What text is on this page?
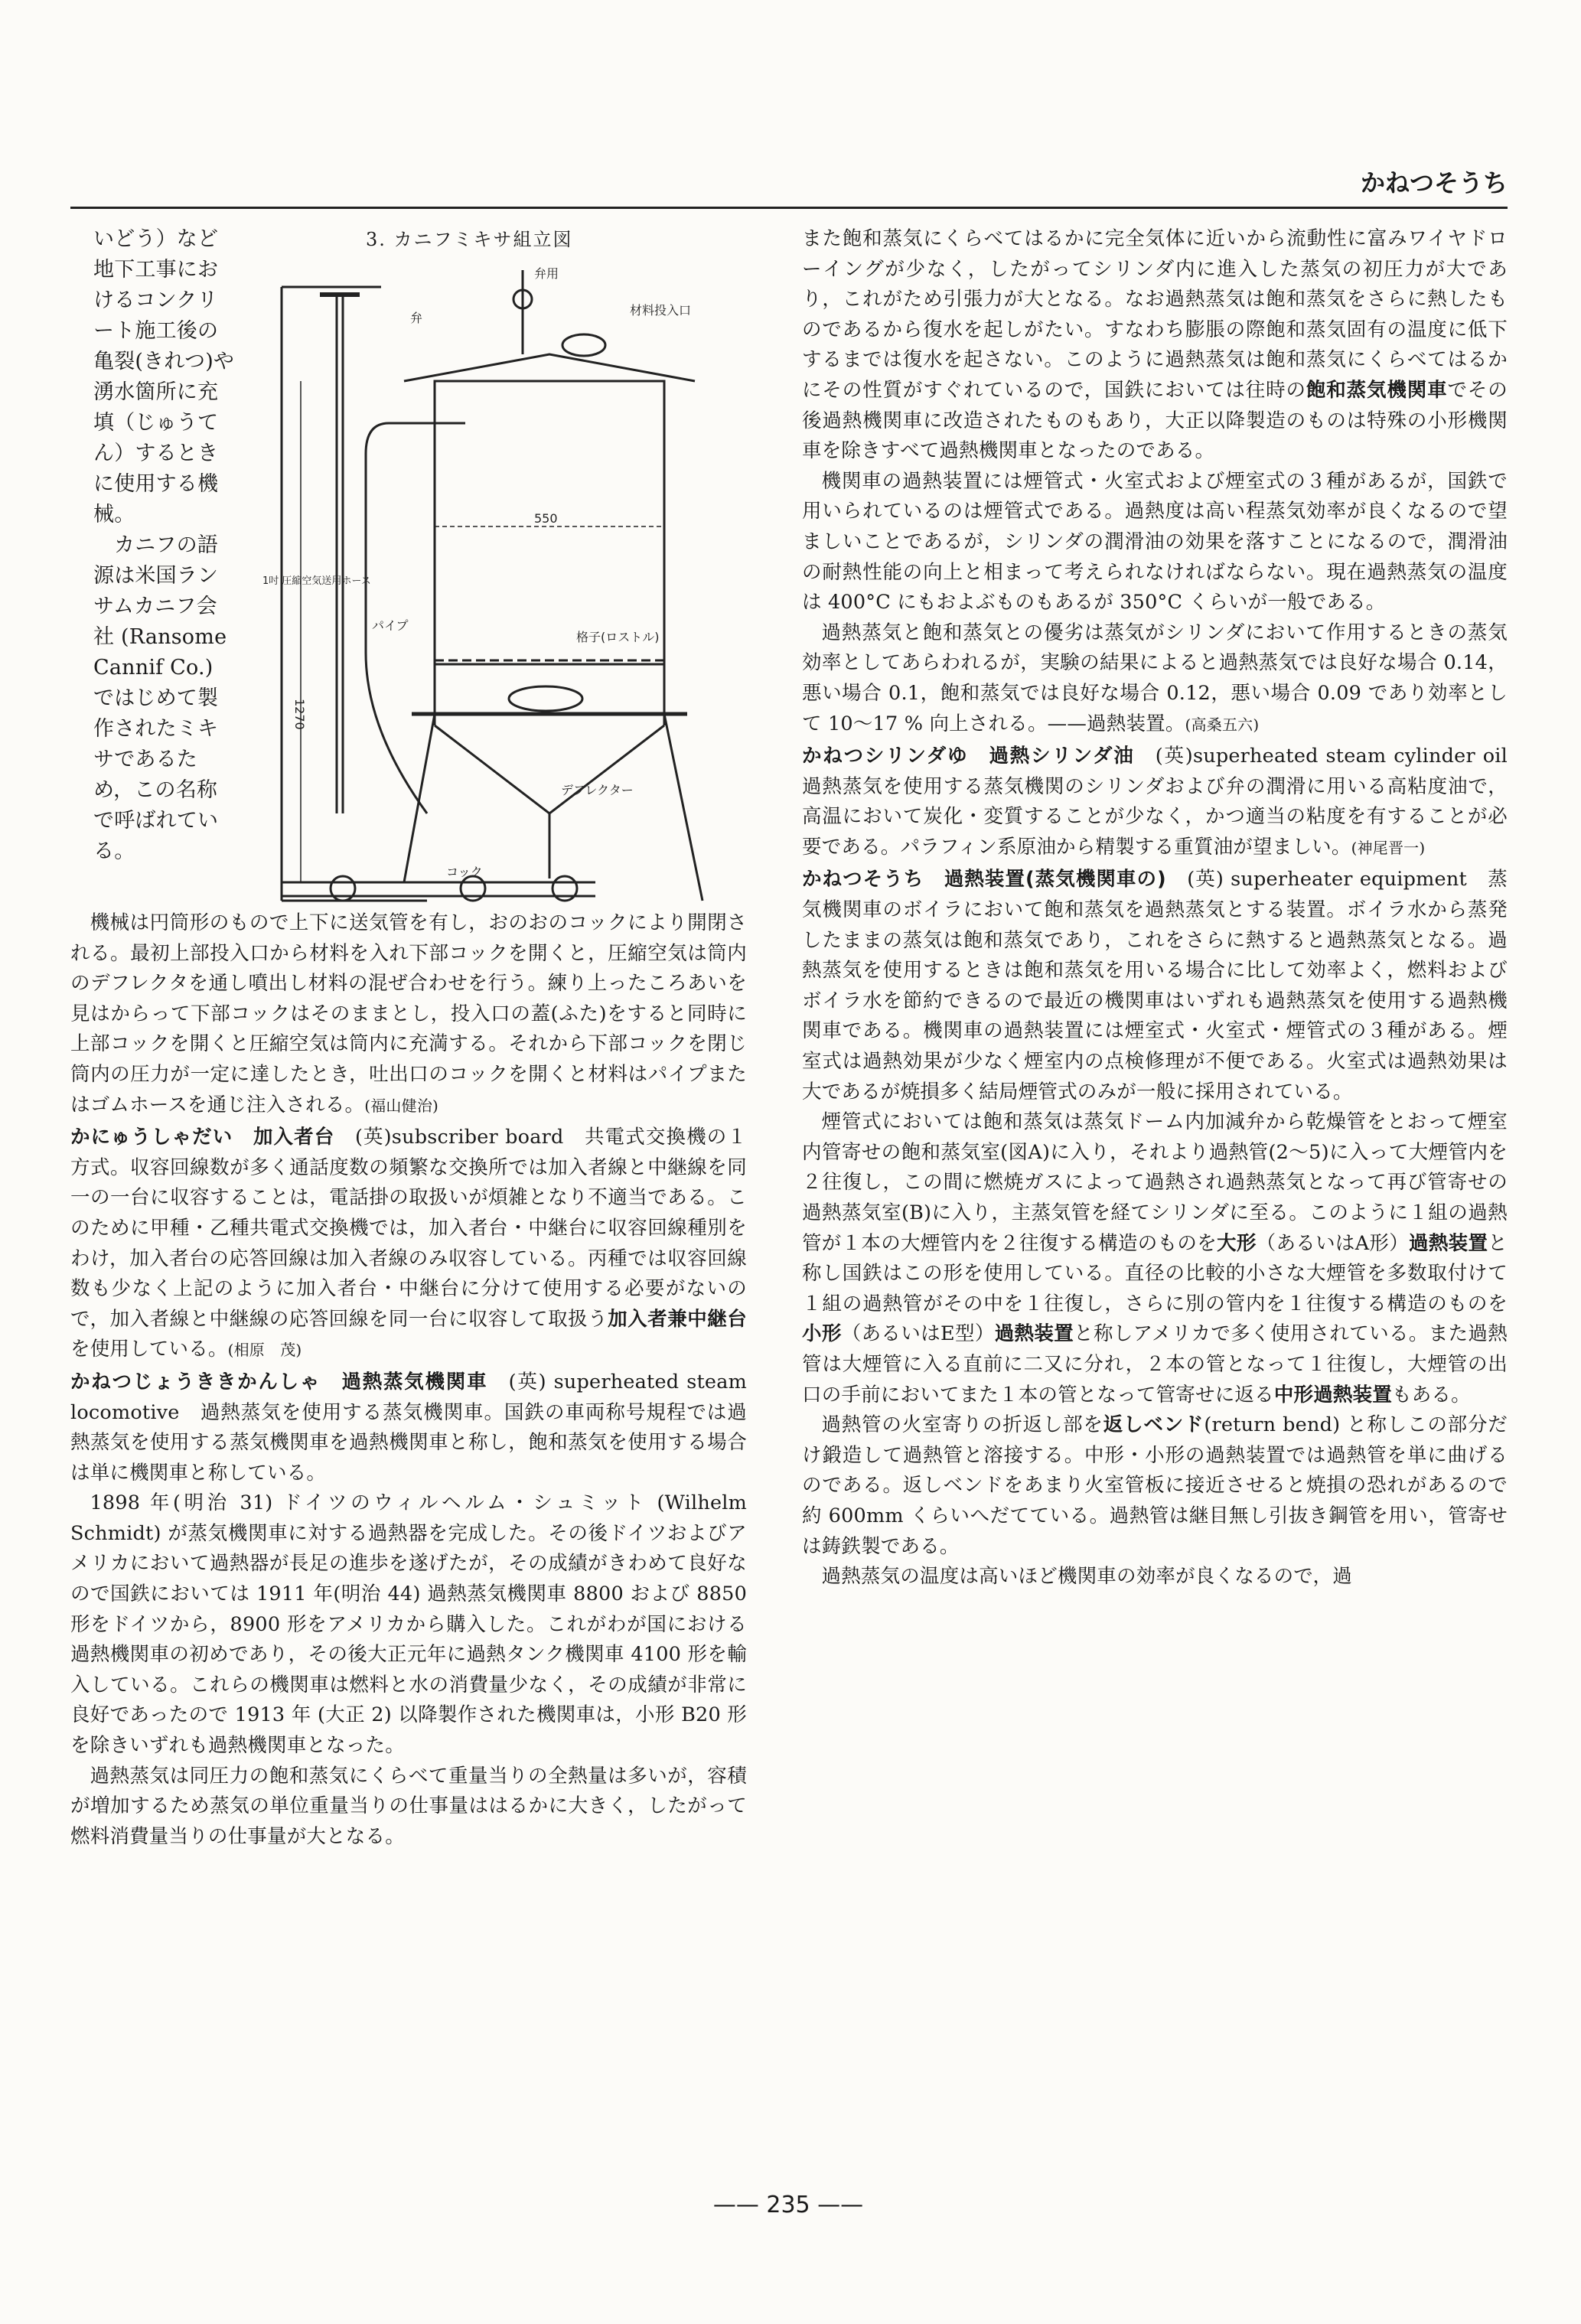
かねつそうち

いどう）など地下工事におけるコンクリート施工後の亀裂(きれつ)や湧水箇所に充填（じゅうてん）するときに使用する機械。

カニフの語源は米国ランサムカニフ会社 (Ransome Cannif Co.) ではじめて製作されたミキサであるため，この名称で呼ばれている。

3. カニフミキサ組立図
弁用
材料投入口
弁
550
1吋 圧縮空気送用ホース
格子(ロストル)
パイプ
デフレクター
コック
1270

機械は円筒形のもので上下に送気管を有し，おのおのコックにより開閉される。最初上部投入口から材料を入れ下部コックを開くと，圧縮空気は筒内のデフレクタを通し噴出し材料の混ぜ合わせを行う。練り上ったころあいを見はからって下部コックはそのままとし，投入口の蓋(ふた)をすると同時に上部コックを開くと圧縮空気は筒内に充満する。それから下部コックを閉じ筒内の圧力が一定に達したとき，吐出口のコックを開くと材料はパイプまたはゴムホースを通じ注入される。(福山健治)

かにゅうしゃだい　加入者台　 (英)subscriber board　共電式交換機の１方式。収容回線数が多く通話度数の頻繁な交換所では加入者線と中継線を同一の一台に収容することは，電話掛の取扱いが煩雑となり不適当である。このために甲種・乙種共電式交換機では，加入者台・中継台に収容回線種別をわけ，加入者台の応答回線は加入者線のみ収容している。丙種では収容回線数も少なく上記のように加入者台・中継台に分けて使用する必要がないので，加入者線と中継線の応答回線を同一台に収容して取扱う加入者兼中継台を使用している。(相原　茂)

かねつじょうききかんしゃ　過熱蒸気機関車　 (英) superheated steam locomotive　過熱蒸気を使用する蒸気機関車。国鉄の車両称号規程では過熱蒸気を使用する蒸気機関車を過熱機関車と称し，飽和蒸気を使用する場合は単に機関車と称している。

1898 年(明治 31) ドイツのウィルヘルム・シュミット (Wilhelm Schmidt) が蒸気機関車に対する過熱器を完成した。その後ドイツおよびアメリカにおいて過熱器が長足の進歩を遂げたが，その成績がきわめて良好なので国鉄においては 1911 年(明治 44) 過熱蒸気機関車 8800 および 8850 形をドイツから，8900 形をアメリカから購入した。これがわが国における過熱機関車の初めであり，その後大正元年に過熱タンク機関車 4100 形を輸入している。これらの機関車は燃料と水の消費量少なく，その成績が非常に良好であったので 1913 年 (大正 2) 以降製作された機関車は，小形 B20 形を除きいずれも過熱機関車となった。

過熱蒸気は同圧力の飽和蒸気にくらべて重量当りの全熱量は多いが，容積が増加するため蒸気の単位重量当りの仕事量ははるかに大きく，したがって燃料消費量当りの仕事量が大となる。

また飽和蒸気にくらべてはるかに完全気体に近いから流動性に富みワイヤドローイングが少なく，したがってシリンダ内に進入した蒸気の初圧力が大であり，これがため引張力が大となる。なお過熱蒸気は飽和蒸気をさらに熱したものであるから復水を起しがたい。すなわち膨脹の際飽和蒸気固有の温度に低下するまでは復水を起さない。このように過熱蒸気は飽和蒸気にくらべてはるかにその性質がすぐれているので，国鉄においては往時の飽和蒸気機関車でその後過熱機関車に改造されたものもあり，大正以降製造のものは特殊の小形機関車を除きすべて過熱機関車となったのである。

機関車の過熱装置には煙管式・火室式および煙室式の３種があるが，国鉄で用いられているのは煙管式である。過熱度は高い程蒸気効率が良くなるので望ましいことであるが，シリンダの潤滑油の効果を落すことになるので，潤滑油の耐熱性能の向上と相まって考えられなければならない。現在過熱蒸気の温度は 400°C にもおよぶものもあるが 350°C くらいが一般である。

過熱蒸気と飽和蒸気との優劣は蒸気がシリンダにおいて作用するときの蒸気効率としてあらわれるが，実験の結果によると過熱蒸気では良好な場合 0.14，悪い場合 0.1，飽和蒸気では良好な場合 0.12，悪い場合 0.09 であり効率として 10～17 % 向上される。——過熱装置。(高桑五六)

かねつシリンダゆ　過熱シリンダ油　 (英)superheated steam cylinder oil　過熱蒸気を使用する蒸気機関のシリンダおよび弁の潤滑に用いる高粘度油で，高温において炭化・変質することが少なく，かつ適当の粘度を有することが必要である。パラフィン系原油から精製する重質油が望ましい。(神尾晋一)

かねつそうち　過熱装置(蒸気機関車の)　 (英) superheater equipment　蒸気機関車のボイラにおいて飽和蒸気を過熱蒸気とする装置。ボイラ水から蒸発したままの蒸気は飽和蒸気であり，これをさらに熱すると過熱蒸気となる。過熱蒸気を使用するときは飽和蒸気を用いる場合に比して効率よく，燃料およびボイラ水を節約できるので最近の機関車はいずれも過熱蒸気を使用する過熱機関車である。機関車の過熱装置には煙室式・火室式・煙管式の３種がある。煙室式は過熱効果が少なく煙室内の点検修理が不便である。火室式は過熱効果は大であるが焼損多く結局煙管式のみが一般に採用されている。

煙管式においては飽和蒸気は蒸気ドーム内加減弁から乾燥管をとおって煙室内管寄せの飽和蒸気室(図A)に入り，それより過熱管(2～5)に入って大煙管内を２往復し，この間に燃焼ガスによって過熱され過熱蒸気となって再び管寄せの過熱蒸気室(B)に入り，主蒸気管を経てシリンダに至る。このように１組の過熱管が１本の大煙管内を２往復する構造のものを大形（あるいはA形）過熱装置と称し国鉄はこの形を使用している。直径の比較的小さな大煙管を多数取付けて１組の過熱管がその中を１往復し，さらに別の管内を１往復する構造のものを小形（あるいはE型）過熱装置と称しアメリカで多く使用されている。また過熱管は大煙管に入る直前に二又に分れ，２本の管となって１往復し，大煙管の出口の手前においてまた１本の管となって管寄せに返る中形過熱装置もある。

過熱管の火室寄りの折返し部を返しベンド(return bend) と称しこの部分だけ鍛造して過熱管と溶接する。中形・小形の過熱装置では過熱管を単に曲げるのである。返しベンドをあまり火室管板に接近させると焼損の恐れがあるので約 600mm くらいへだてている。過熱管は継目無し引抜き鋼管を用い，管寄せは鋳鉄製である。

過熱蒸気の温度は高いほど機関車の効率が良くなるので，過

—— 235 ——
